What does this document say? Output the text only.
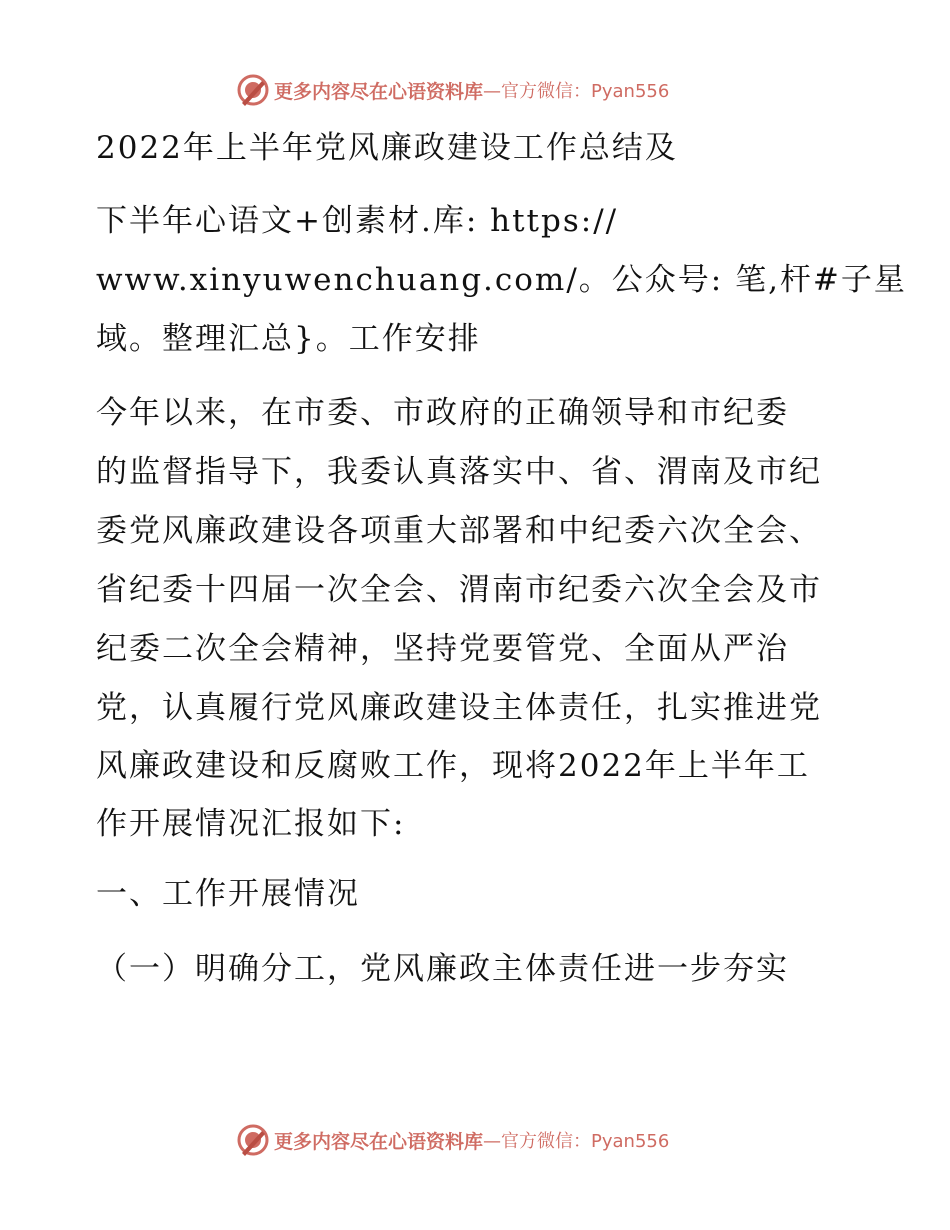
更多内容尽在心语资料库 —官方微信：Pyan556
2022年上半年党风廉政建设工作总结及
下半年心语文+创素材.库: https://
www.xinyuwenchuang.com/。公众号: 笔,杆#子星
域。整理汇总}。工作安排
今年以来，在市委、市政府的正确领导和市纪委
的监督指导下，我委认真落实中、省、渭南及市纪
委党风廉政建设各项重大部署和中纪委六次全会、
省纪委十四届一次全会、渭南市纪委六次全会及市
纪委二次全会精神，坚持党要管党、全面从严治
党，认真履行党风廉政建设主体责任，扎实推进党
风廉政建设和反腐败工作，现将2022年上半年工
作开展情况汇报如下:
一、工作开展情况
（一）明确分工，党风廉政主体责任进一步夯实
更多内容尽在心语资料库 —官方微信：Pyan556
